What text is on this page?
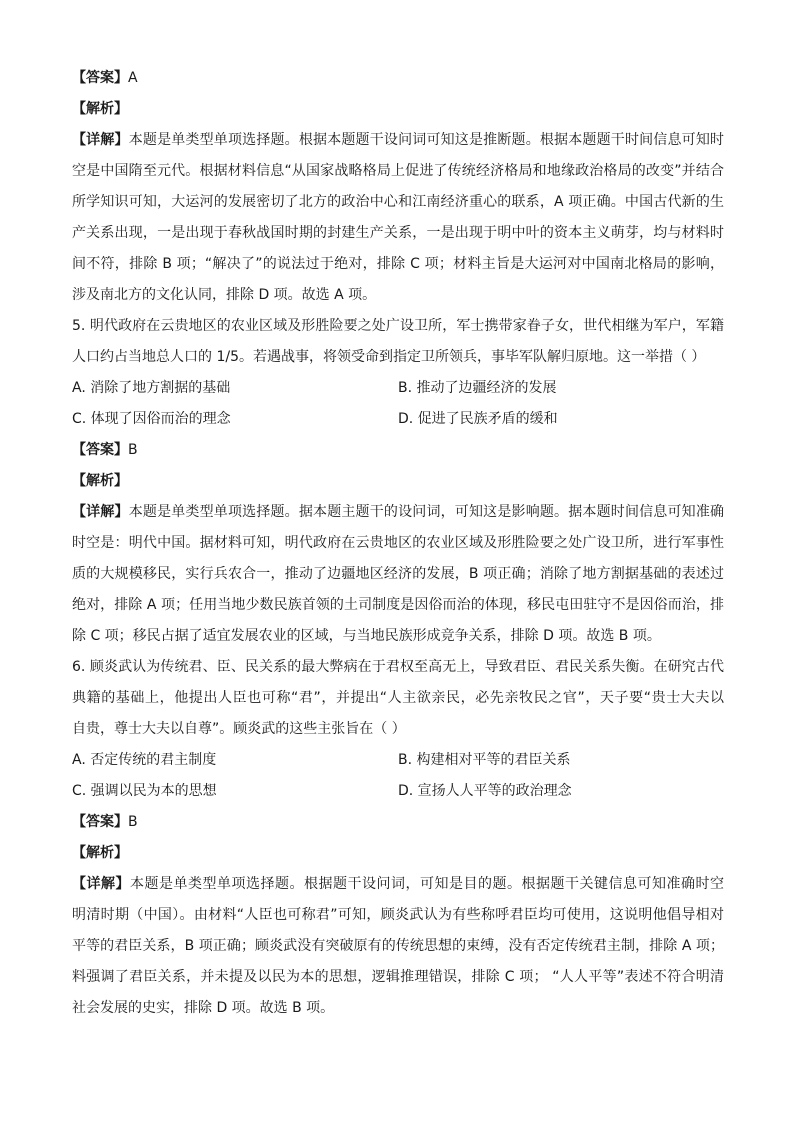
【答案】A
【解析】
【详解】本题是单类型单项选择题。根据本题题干设问词可知这是推断题。根据本题题干时间信息可知时
空是中国隋至元代。根据材料信息“从国家战略格局上促进了传统经济格局和地缘政治格局的改变”并结合
所学知识可知，大运河的发展密切了北方的政治中心和江南经济重心的联系，A 项正确。中国古代新的生
产关系出现，一是出现于春秋战国时期的封建生产关系，一是出现于明中叶的资本主义萌芽，均与材料时
间不符，排除 B 项；“解决了”的说法过于绝对，排除 C 项；材料主旨是大运河对中国南北格局的影响，
涉及南北方的文化认同，排除 D 项。故选 A 项。
5. 明代政府在云贵地区的农业区域及形胜险要之处广设卫所，军士携带家眷子女，世代相继为军户，军籍
人口约占当地总人口的 1/5。若遇战事，将领受命到指定卫所领兵，事毕军队解归原地。这一举措（ ）
A. 消除了地方割据的基础	B. 推动了边疆经济的发展
C. 体现了因俗而治的理念	D. 促进了民族矛盾的缓和
【答案】B
【解析】
【详解】本题是单类型单项选择题。据本题主题干的设问词，可知这是影响题。据本题时间信息可知准确
时空是：明代中国。据材料可知，明代政府在云贵地区的农业区域及形胜险要之处广设卫所，进行军事性
质的大规模移民，实行兵农合一，推动了边疆地区经济的发展，B 项正确；消除了地方割据基础的表述过
绝对，排除 A 项；任用当地少数民族首领的土司制度是因俗而治的体现，移民屯田驻守不是因俗而治，排
除 C 项；移民占据了适宜发展农业的区域，与当地民族形成竞争关系，排除 D 项。故选 B 项。
6. 顾炎武认为传统君、臣、民关系的最大弊病在于君权至高无上，导致君臣、君民关系失衡。在研究古代
典籍的基础上，他提出人臣也可称“君”，并提出“人主欲亲民，必先亲牧民之官”，天子要“贵士大夫以
自贵，尊士大夫以自尊”。顾炎武的这些主张旨在（ ）
A. 否定传统的君主制度	B. 构建相对平等的君臣关系
C. 强调以民为本的思想	D. 宣扬人人平等的政治理念
【答案】B
【解析】
【详解】本题是单类型单项选择题。根据题干设问词，可知是目的题。根据题干关键信息可知准确时空
明清时期（中国）。由材料“人臣也可称君”可知，顾炎武认为有些称呼君臣均可使用，这说明他倡导相对
平等的君臣关系，B 项正确；顾炎武没有突破原有的传统思想的束缚，没有否定传统君主制，排除 A 项；
料强调了君臣关系，并未提及以民为本的思想，逻辑推理错误，排除 C 项； “人人平等”表述不符合明清
社会发展的史实，排除 D 项。故选 B 项。
